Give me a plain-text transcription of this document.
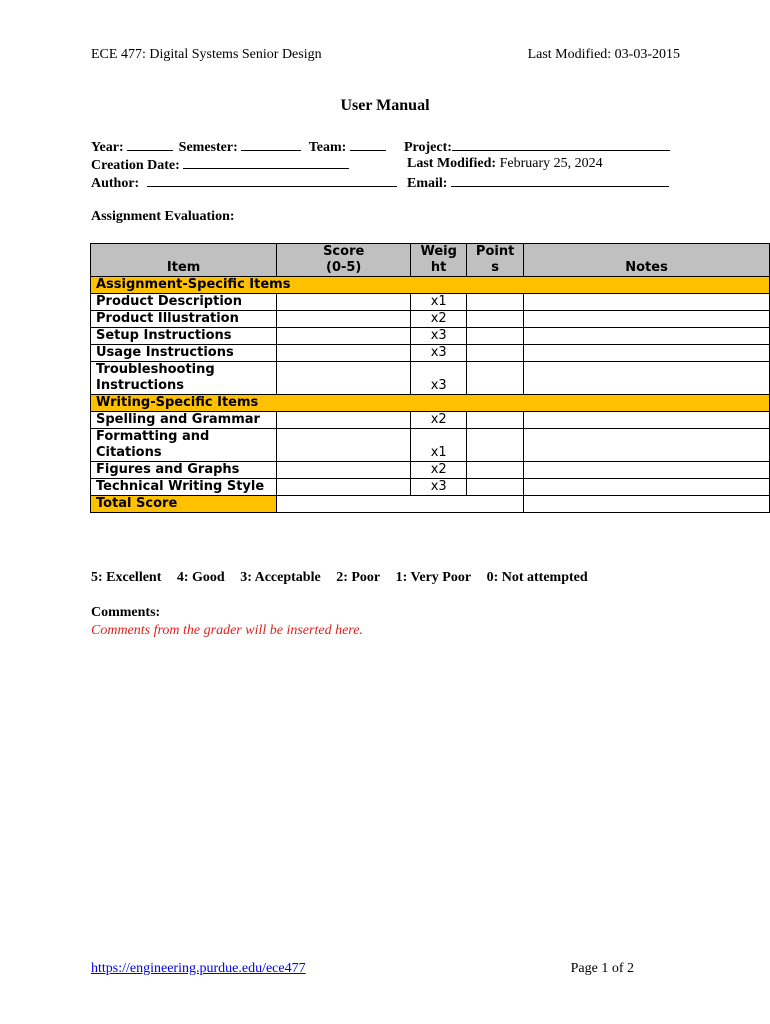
ECE 477: Digital Systems Senior Design	Last Modified: 03-03-2015
User Manual
Year:	Semester:	Team:	Project:
Creation Date:	Last Modified: February 25, 2024
Author:	Email:
Assignment Evaluation:
Item	Score (0-5)	Weig ht	Point s	Notes
Assignment-Specific Items				
Product Description		x1		
Product Illustration		x2		
Setup Instructions		x3		
Usage Instructions		x3		
Troubleshooting Instructions		x3		
Writing-Specific Items				
Spelling and Grammar		x2		
Formatting and Citations		x1		
Figures and Graphs		x2		
Technical Writing Style		x3		
Total Score				
5: Excellent 4: Good 3: Acceptable 2: Poor 1: Very Poor 0: Not attempted
Comments:
Comments from the grader will be inserted here.
https://engineering.purdue.edu/ece477	Page 1 of 2
